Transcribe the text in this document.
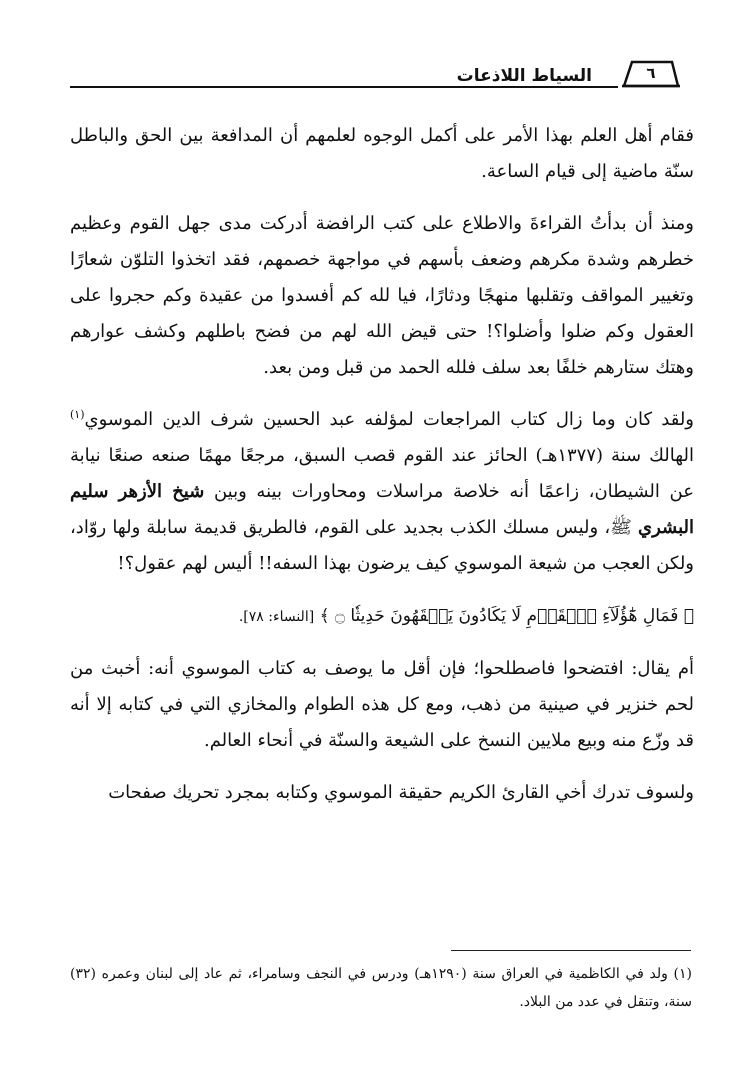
السياط اللاذعات	٦

فقام أهل العلم بهذا الأمر على أكمل الوجوه لعلمهم أن المدافعة بين الحق والباطل سنّة ماضية إلى قيام الساعة.

ومنذ أن بدأتُ القراءةَ والاطلاع على كتب الرافضة أدركت مدى جهل القوم وعظيم خطرهم وشدة مكرهم وضعف بأسهم في مواجهة خصمهم، فقد اتخذوا التلوّن شعارًا وتغيير المواقف وتقلبها منهجًا ودثارًا، فيا لله كم أفسدوا من عقيدة وكم حجروا على العقول وكم ضلوا وأضلوا؟! حتى قيض الله لهم من فضح باطلهم وكشف عوارهم وهتك ستارهم خلفًا بعد سلف فلله الحمد من قبل ومن بعد.

ولقد كان وما زال كتاب المراجعات لمؤلفه عبد الحسين شرف الدين الموسوي$^{(١)}$ الهالك سنة (١٣٧٧هـ) الحائز عند القوم قصب السبق، مرجعًا مهمًا صنعه صنعًا نيابة عن الشيطان، زاعمًا أنه خلاصة مراسلات ومحاورات بينه وبين شيخ الأزهر سليم البشري ﷺ، وليس مسلك الكذب بجديد على القوم، فالطريق قديمة سابلة ولها روّاد، ولكن العجب من شيعة الموسوي كيف يرضون بهذا السفه!! أليس لهم عقول؟!

﴿ فَمَالِ هَٰٓؤُلَآءِ ٱلۡقَوۡمِ لَا يَكَادُونَ يَفۡقَهُونَ حَدِيثٗا ۝ ﴾ [النساء: ٧٨].

أم يقال: افتضحوا فاصطلحوا؛ فإن أقل ما يوصف به كتاب الموسوي أنه: أخبث من لحم خنزير في صينية من ذهب، ومع كل هذه الطوام والمخازي التي في كتابه إلا أنه قد وزّع منه وبيع ملايين النسخ على الشيعة والسنّة في أنحاء العالم.

ولسوف تدرك أخي القارئ الكريم حقيقة الموسوي وكتابه بمجرد تحريك صفحات

(١) ولد في الكاظمية في العراق سنة (١٢٩٠هـ) ودرس في النجف وسامراء، ثم عاد إلى لبنان وعمره (٣٢) سنة، وتنقل في عدد من البلاد.
